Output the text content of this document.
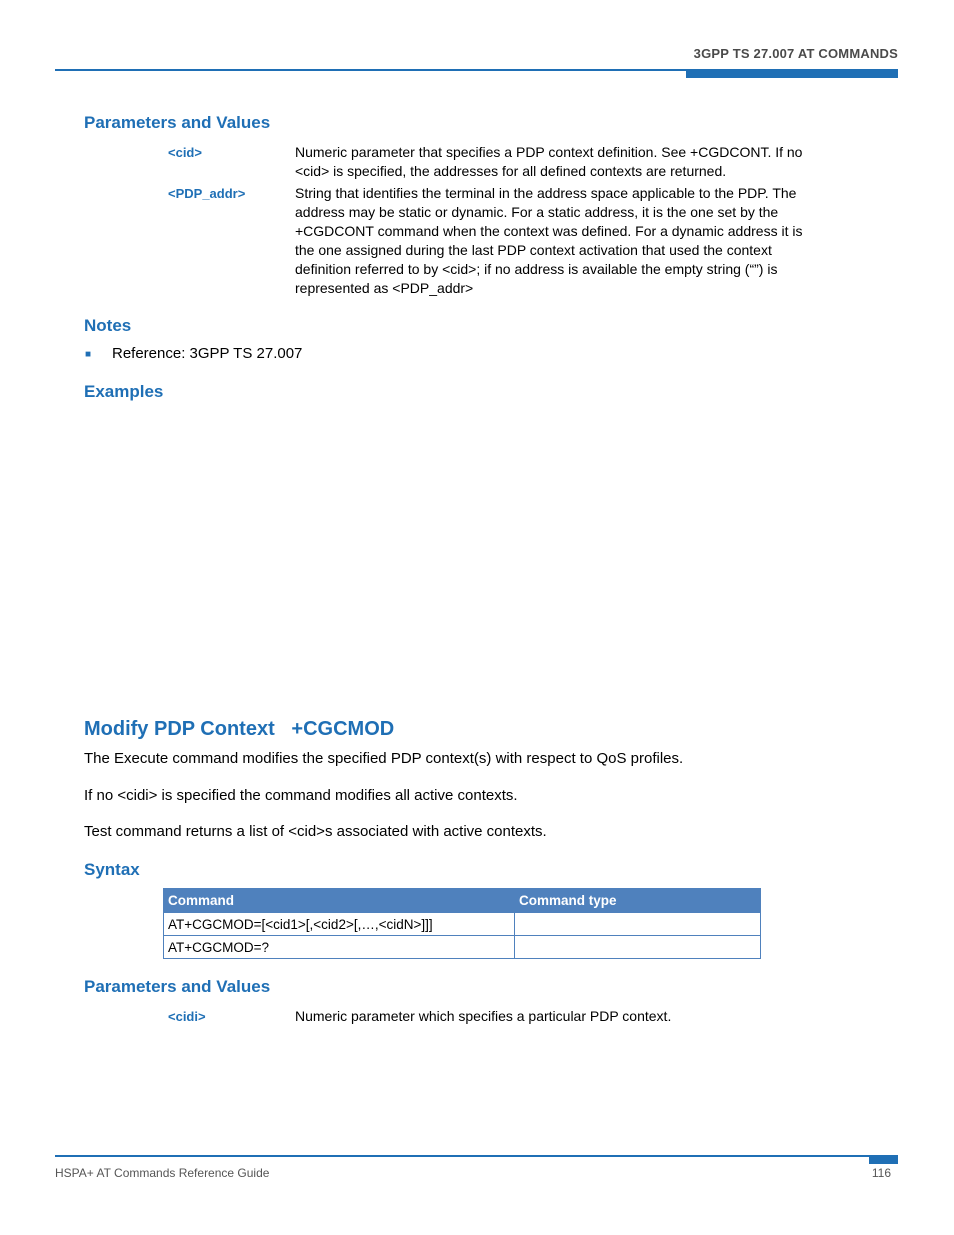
3GPP TS 27.007 AT COMMANDS
Parameters and Values
<cid>	Numeric parameter that specifies a PDP context definition. See +CGDCONT. If no <cid> is specified, the addresses for all defined contexts are returned.
<PDP_addr>	String that identifies the terminal in the address space applicable to the PDP. The address may be static or dynamic. For a static address, it is the one set by the +CGDCONT command when the context was defined. For a dynamic address it is the one assigned during the last PDP context activation that used the context definition referred to by <cid>; if no address is available the empty string (“”) is represented as <PDP_addr>
Notes
■ Reference: 3GPP TS 27.007
Examples
Modify PDP Context   +CGCMOD
The Execute command modifies the specified PDP context(s) with respect to QoS profiles.
If no <cidi> is specified the command modifies all active contexts.
Test command returns a list of <cid>s associated with active contexts.
Syntax
Command	Command type
AT+CGCMOD=[<cid1>[,<cid2>[,…,<cidN>]]]	
AT+CGCMOD=?	
Parameters and Values
<cidi>	Numeric parameter which specifies a particular PDP context.
HSPA+ AT Commands Reference Guide	116
